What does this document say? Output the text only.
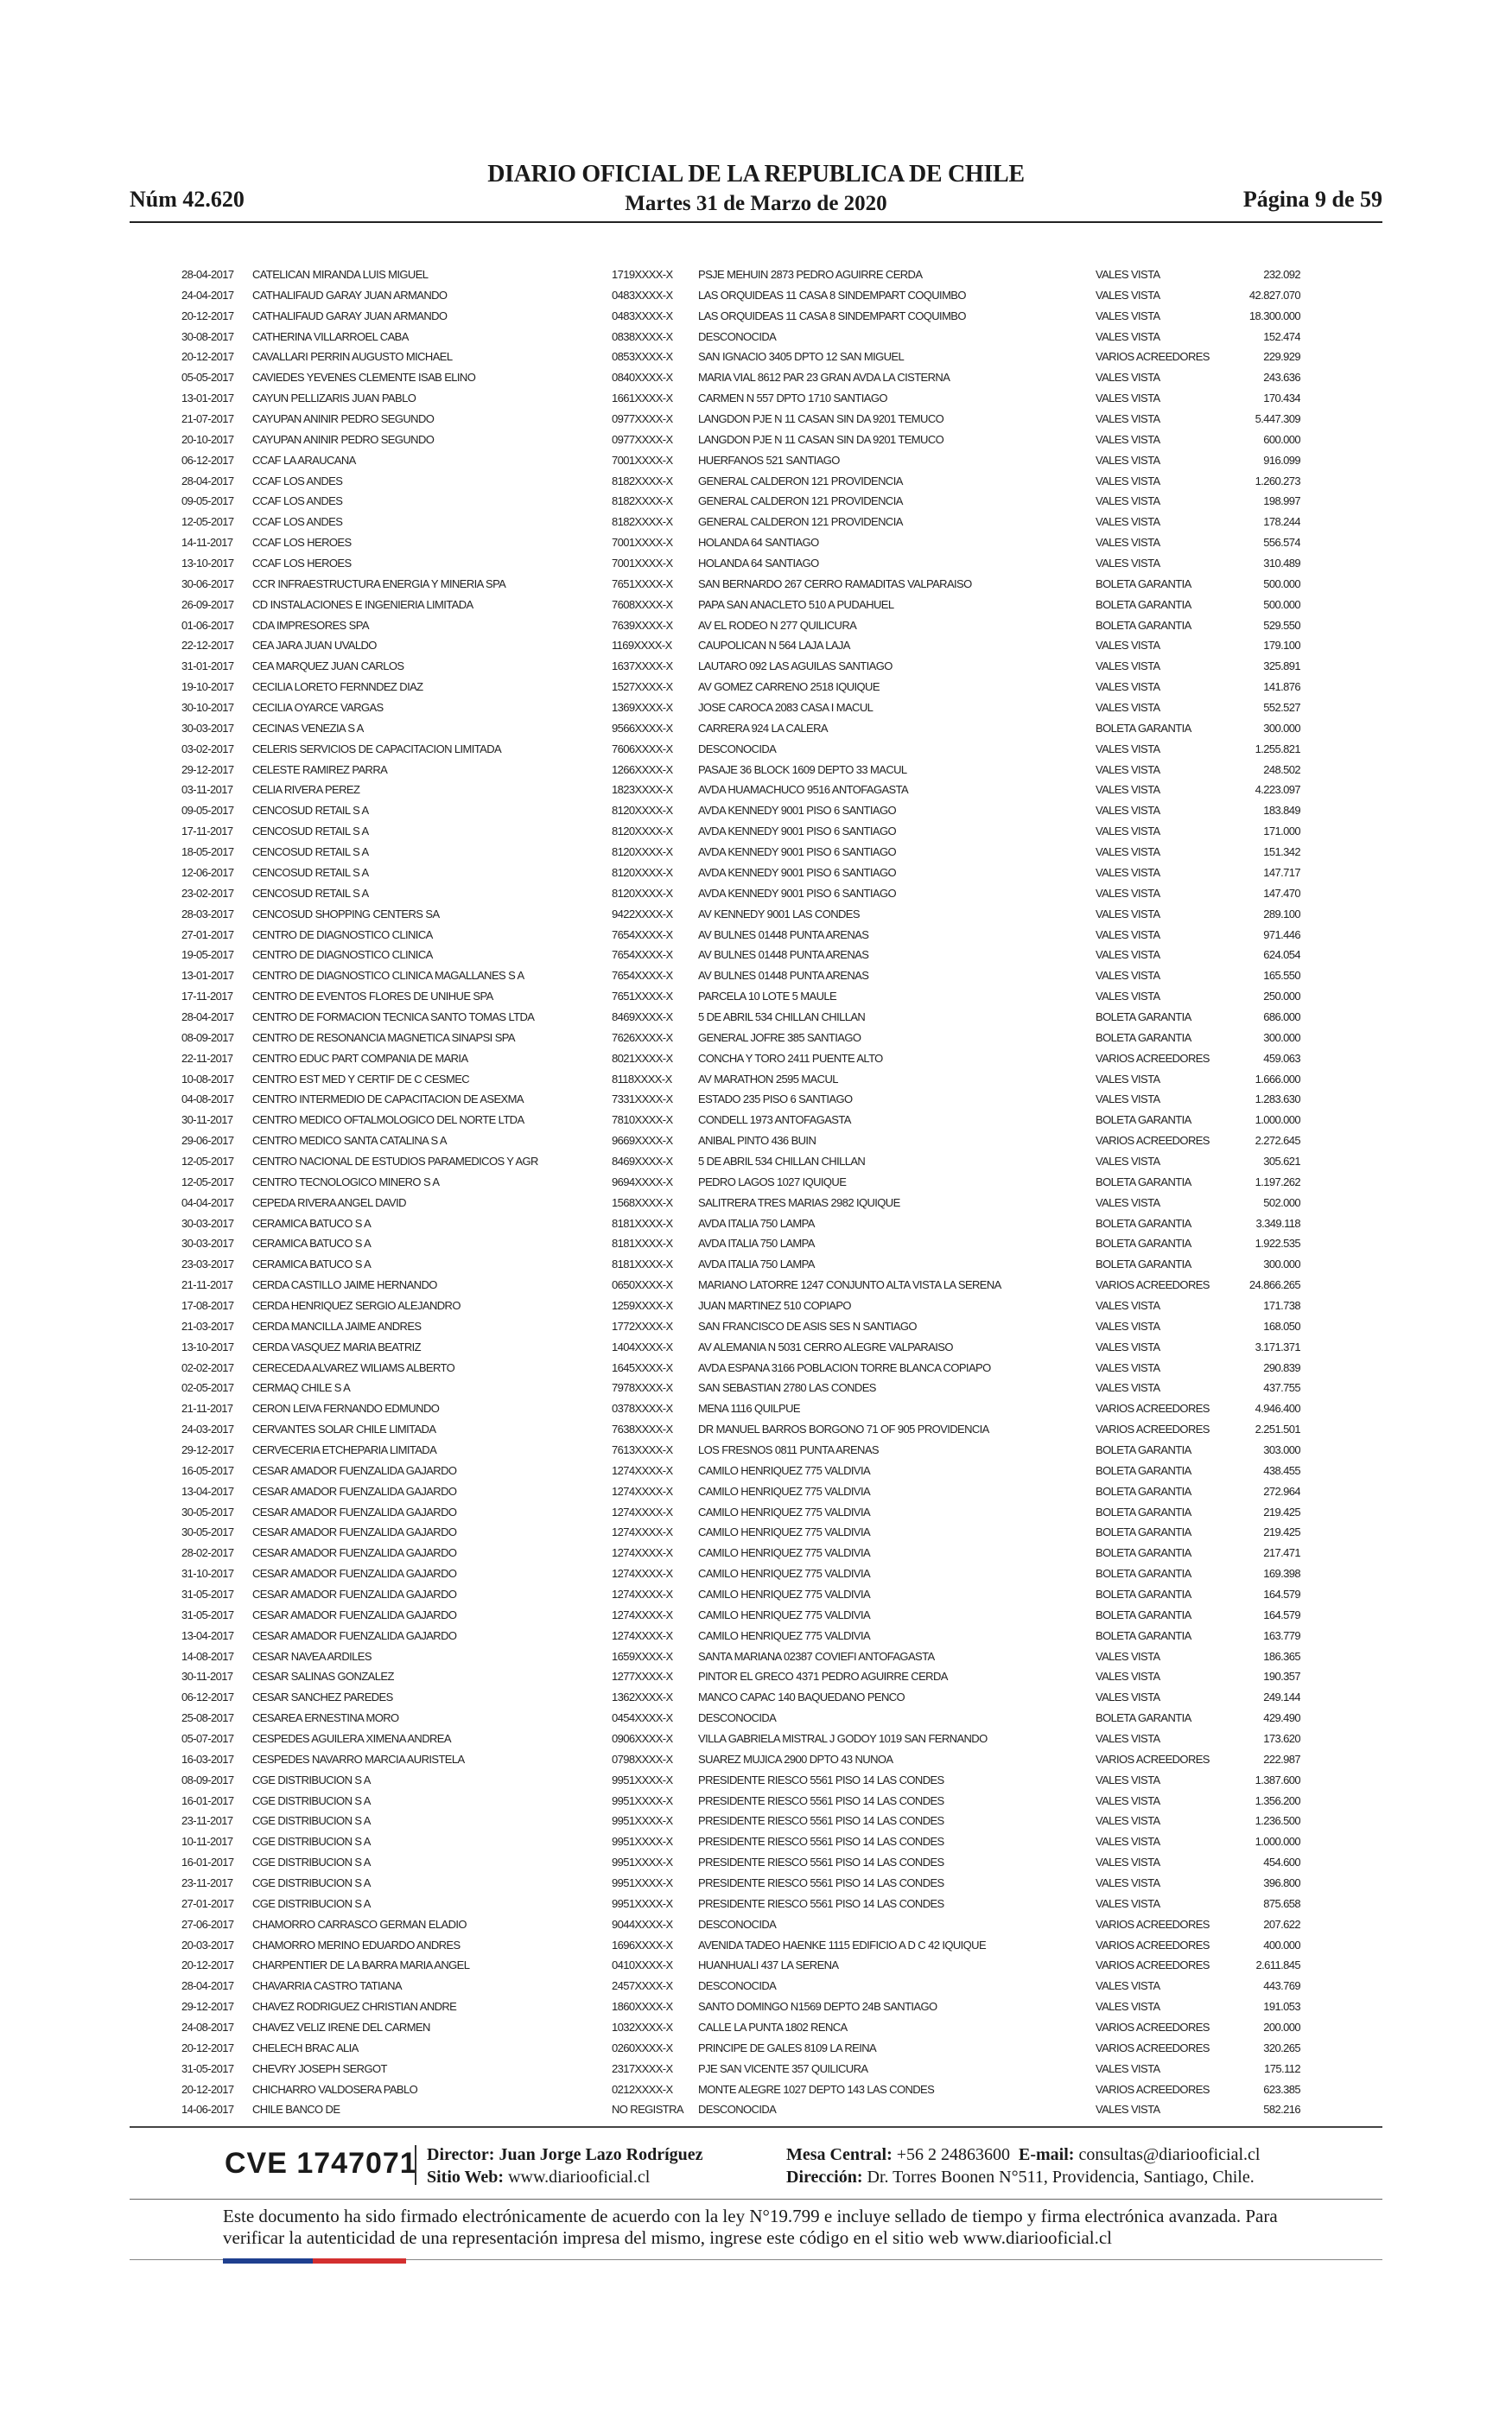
Núm 42.620
DIARIO OFICIAL DE LA REPUBLICA DE CHILE
Martes 31 de Marzo de 2020	Página 9 de 59
28-04-2017	CATELICAN MIRANDA LUIS MIGUEL	1719XXXX-X	PSJE MEHUIN 2873 PEDRO AGUIRRE CERDA	VALES VISTA	232.092
24-04-2017	CATHALIFAUD GARAY JUAN ARMANDO	0483XXXX-X	LAS ORQUIDEAS 11 CASA 8 SINDEMPART COQUIMBO	VALES VISTA	42.827.070
20-12-2017	CATHALIFAUD GARAY JUAN ARMANDO	0483XXXX-X	LAS ORQUIDEAS 11 CASA 8 SINDEMPART COQUIMBO	VALES VISTA	18.300.000
30-08-2017	CATHERINA VILLARROEL CABA	0838XXXX-X	DESCONOCIDA	VALES VISTA	152.474
20-12-2017	CAVALLARI PERRIN AUGUSTO MICHAEL	0853XXXX-X	SAN IGNACIO 3405 DPTO 12 SAN MIGUEL	VARIOS ACREEDORES	229.929
05-05-2017	CAVIEDES YEVENES CLEMENTE ISAB ELINO	0840XXXX-X	MARIA VIAL 8612 PAR 23 GRAN AVDA LA CISTERNA	VALES VISTA	243.636
13-01-2017	CAYUN PELLIZARIS JUAN PABLO	1661XXXX-X	CARMEN N 557 DPTO 1710 SANTIAGO	VALES VISTA	170.434
21-07-2017	CAYUPAN ANINIR PEDRO SEGUNDO	0977XXXX-X	LANGDON PJE N 11 CASAN SIN DA 9201 TEMUCO	VALES VISTA	5.447.309
20-10-2017	CAYUPAN ANINIR PEDRO SEGUNDO	0977XXXX-X	LANGDON PJE N 11 CASAN SIN DA 9201 TEMUCO	VALES VISTA	600.000
06-12-2017	CCAF LA ARAUCANA	7001XXXX-X	HUERFANOS 521 SANTIAGO	VALES VISTA	916.099
28-04-2017	CCAF LOS ANDES	8182XXXX-X	GENERAL CALDERON 121 PROVIDENCIA	VALES VISTA	1.260.273
09-05-2017	CCAF LOS ANDES	8182XXXX-X	GENERAL CALDERON 121 PROVIDENCIA	VALES VISTA	198.997
12-05-2017	CCAF LOS ANDES	8182XXXX-X	GENERAL CALDERON 121 PROVIDENCIA	VALES VISTA	178.244
14-11-2017	CCAF LOS HEROES	7001XXXX-X	HOLANDA 64 SANTIAGO	VALES VISTA	556.574
13-10-2017	CCAF LOS HEROES	7001XXXX-X	HOLANDA 64 SANTIAGO	VALES VISTA	310.489
30-06-2017	CCR INFRAESTRUCTURA ENERGIA Y MINERIA SPA	7651XXXX-X	SAN BERNARDO 267 CERRO RAMADITAS VALPARAISO	BOLETA GARANTIA	500.000
26-09-2017	CD INSTALACIONES E INGENIERIA LIMITADA	7608XXXX-X	PAPA SAN ANACLETO 510 A PUDAHUEL	BOLETA GARANTIA	500.000
01-06-2017	CDA IMPRESORES SPA	7639XXXX-X	AV EL RODEO N 277 QUILICURA	BOLETA GARANTIA	529.550
22-12-2017	CEA JARA JUAN UVALDO	1169XXXX-X	CAUPOLICAN N 564 LAJA LAJA	VALES VISTA	179.100
31-01-2017	CEA MARQUEZ JUAN CARLOS	1637XXXX-X	LAUTARO 092 LAS AGUILAS SANTIAGO	VALES VISTA	325.891
19-10-2017	CECILIA LORETO FERNNDEZ DIAZ	1527XXXX-X	AV GOMEZ CARRENO 2518 IQUIQUE	VALES VISTA	141.876
30-10-2017	CECILIA OYARCE VARGAS	1369XXXX-X	JOSE CAROCA 2083 CASA I MACUL	VALES VISTA	552.527
30-03-2017	CECINAS VENEZIA S A	9566XXXX-X	CARRERA 924 LA CALERA	BOLETA GARANTIA	300.000
03-02-2017	CELERIS SERVICIOS DE CAPACITACION LIMITADA	7606XXXX-X	DESCONOCIDA	VALES VISTA	1.255.821
29-12-2017	CELESTE RAMIREZ PARRA	1266XXXX-X	PASAJE 36 BLOCK 1609 DEPTO 33 MACUL	VALES VISTA	248.502
03-11-2017	CELIA RIVERA PEREZ	1823XXXX-X	AVDA HUAMACHUCO 9516 ANTOFAGASTA	VALES VISTA	4.223.097
09-05-2017	CENCOSUD RETAIL S A	8120XXXX-X	AVDA KENNEDY 9001 PISO 6 SANTIAGO	VALES VISTA	183.849
17-11-2017	CENCOSUD RETAIL S A	8120XXXX-X	AVDA KENNEDY 9001 PISO 6 SANTIAGO	VALES VISTA	171.000
18-05-2017	CENCOSUD RETAIL S A	8120XXXX-X	AVDA KENNEDY 9001 PISO 6 SANTIAGO	VALES VISTA	151.342
12-06-2017	CENCOSUD RETAIL S A	8120XXXX-X	AVDA KENNEDY 9001 PISO 6 SANTIAGO	VALES VISTA	147.717
23-02-2017	CENCOSUD RETAIL S A	8120XXXX-X	AVDA KENNEDY 9001 PISO 6 SANTIAGO	VALES VISTA	147.470
28-03-2017	CENCOSUD SHOPPING CENTERS SA	9422XXXX-X	AV KENNEDY 9001 LAS CONDES	VALES VISTA	289.100
27-01-2017	CENTRO DE DIAGNOSTICO CLINICA	7654XXXX-X	AV BULNES 01448 PUNTA ARENAS	VALES VISTA	971.446
19-05-2017	CENTRO DE DIAGNOSTICO CLINICA	7654XXXX-X	AV BULNES 01448 PUNTA ARENAS	VALES VISTA	624.054
13-01-2017	CENTRO DE DIAGNOSTICO CLINICA MAGALLANES S A	7654XXXX-X	AV BULNES 01448 PUNTA ARENAS	VALES VISTA	165.550
17-11-2017	CENTRO DE EVENTOS FLORES DE UNIHUE SPA	7651XXXX-X	PARCELA 10 LOTE 5 MAULE	VALES VISTA	250.000
28-04-2017	CENTRO DE FORMACION TECNICA SANTO TOMAS LTDA	8469XXXX-X	5 DE ABRIL 534 CHILLAN CHILLAN	BOLETA GARANTIA	686.000
08-09-2017	CENTRO DE RESONANCIA MAGNETICA SINAPSI SPA	7626XXXX-X	GENERAL JOFRE 385 SANTIAGO	BOLETA GARANTIA	300.000
22-11-2017	CENTRO EDUC PART COMPANIA DE MARIA	8021XXXX-X	CONCHA Y TORO 2411 PUENTE ALTO	VARIOS ACREEDORES	459.063
10-08-2017	CENTRO EST MED Y CERTIF DE C CESMEC	8118XXXX-X	AV MARATHON 2595 MACUL	VALES VISTA	1.666.000
04-08-2017	CENTRO INTERMEDIO DE CAPACITACION DE ASEXMA	7331XXXX-X	ESTADO 235 PISO 6 SANTIAGO	VALES VISTA	1.283.630
30-11-2017	CENTRO MEDICO OFTALMOLOGICO DEL NORTE LTDA	7810XXXX-X	CONDELL 1973 ANTOFAGASTA	BOLETA GARANTIA	1.000.000
29-06-2017	CENTRO MEDICO SANTA CATALINA S A	9669XXXX-X	ANIBAL PINTO 436 BUIN	VARIOS ACREEDORES	2.272.645
12-05-2017	CENTRO NACIONAL DE ESTUDIOS PARAMEDICOS Y AGR	8469XXXX-X	5 DE ABRIL 534 CHILLAN CHILLAN	VALES VISTA	305.621
12-05-2017	CENTRO TECNOLOGICO MINERO S A	9694XXXX-X	PEDRO LAGOS 1027 IQUIQUE	BOLETA GARANTIA	1.197.262
04-04-2017	CEPEDA RIVERA ANGEL DAVID	1568XXXX-X	SALITRERA TRES MARIAS 2982 IQUIQUE	VALES VISTA	502.000
30-03-2017	CERAMICA BATUCO S A	8181XXXX-X	AVDA ITALIA 750 LAMPA	BOLETA GARANTIA	3.349.118
30-03-2017	CERAMICA BATUCO S A	8181XXXX-X	AVDA ITALIA 750 LAMPA	BOLETA GARANTIA	1.922.535
23-03-2017	CERAMICA BATUCO S A	8181XXXX-X	AVDA ITALIA 750 LAMPA	BOLETA GARANTIA	300.000
21-11-2017	CERDA CASTILLO JAIME HERNANDO	0650XXXX-X	MARIANO LATORRE 1247 CONJUNTO ALTA VISTA LA SERENA	VARIOS ACREEDORES	24.866.265
17-08-2017	CERDA HENRIQUEZ SERGIO ALEJANDRO	1259XXXX-X	JUAN MARTINEZ 510 COPIAPO	VALES VISTA	171.738
21-03-2017	CERDA MANCILLA JAIME ANDRES	1772XXXX-X	SAN FRANCISCO DE ASIS SES N SANTIAGO	VALES VISTA	168.050
13-10-2017	CERDA VASQUEZ MARIA BEATRIZ	1404XXXX-X	AV ALEMANIA N 5031 CERRO ALEGRE VALPARAISO	VALES VISTA	3.171.371
02-02-2017	CERECEDA ALVAREZ WILIAMS ALBERTO	1645XXXX-X	AVDA ESPANA 3166 POBLACION TORRE BLANCA COPIAPO	VALES VISTA	290.839
02-05-2017	CERMAQ CHILE S A	7978XXXX-X	SAN SEBASTIAN 2780 LAS CONDES	VALES VISTA	437.755
21-11-2017	CERON LEIVA FERNANDO EDMUNDO	0378XXXX-X	MENA 1116 QUILPUE	VARIOS ACREEDORES	4.946.400
24-03-2017	CERVANTES SOLAR CHILE LIMITADA	7638XXXX-X	DR MANUEL BARROS BORGONO 71 OF 905 PROVIDENCIA	VARIOS ACREEDORES	2.251.501
29-12-2017	CERVECERIA ETCHEPARIA LIMITADA	7613XXXX-X	LOS FRESNOS 0811 PUNTA ARENAS	BOLETA GARANTIA	303.000
16-05-2017	CESAR AMADOR FUENZALIDA GAJARDO	1274XXXX-X	CAMILO HENRIQUEZ 775 VALDIVIA	BOLETA GARANTIA	438.455
13-04-2017	CESAR AMADOR FUENZALIDA GAJARDO	1274XXXX-X	CAMILO HENRIQUEZ 775 VALDIVIA	BOLETA GARANTIA	272.964
30-05-2017	CESAR AMADOR FUENZALIDA GAJARDO	1274XXXX-X	CAMILO HENRIQUEZ 775 VALDIVIA	BOLETA GARANTIA	219.425
30-05-2017	CESAR AMADOR FUENZALIDA GAJARDO	1274XXXX-X	CAMILO HENRIQUEZ 775 VALDIVIA	BOLETA GARANTIA	219.425
28-02-2017	CESAR AMADOR FUENZALIDA GAJARDO	1274XXXX-X	CAMILO HENRIQUEZ 775 VALDIVIA	BOLETA GARANTIA	217.471
31-10-2017	CESAR AMADOR FUENZALIDA GAJARDO	1274XXXX-X	CAMILO HENRIQUEZ 775 VALDIVIA	BOLETA GARANTIA	169.398
31-05-2017	CESAR AMADOR FUENZALIDA GAJARDO	1274XXXX-X	CAMILO HENRIQUEZ 775 VALDIVIA	BOLETA GARANTIA	164.579
31-05-2017	CESAR AMADOR FUENZALIDA GAJARDO	1274XXXX-X	CAMILO HENRIQUEZ 775 VALDIVIA	BOLETA GARANTIA	164.579
13-04-2017	CESAR AMADOR FUENZALIDA GAJARDO	1274XXXX-X	CAMILO HENRIQUEZ 775 VALDIVIA	BOLETA GARANTIA	163.779
14-08-2017	CESAR NAVEA ARDILES	1659XXXX-X	SANTA MARIANA 02387 COVIEFI ANTOFAGASTA	VALES VISTA	186.365
30-11-2017	CESAR SALINAS GONZALEZ	1277XXXX-X	PINTOR EL GRECO 4371 PEDRO AGUIRRE CERDA	VALES VISTA	190.357
06-12-2017	CESAR SANCHEZ PAREDES	1362XXXX-X	MANCO CAPAC 140 BAQUEDANO PENCO	VALES VISTA	249.144
25-08-2017	CESAREA ERNESTINA MORO	0454XXXX-X	DESCONOCIDA	BOLETA GARANTIA	429.490
05-07-2017	CESPEDES AGUILERA XIMENA ANDREA	0906XXXX-X	VILLA GABRIELA MISTRAL J GODOY 1019 SAN FERNANDO	VALES VISTA	173.620
16-03-2017	CESPEDES NAVARRO MARCIA AURISTELA	0798XXXX-X	SUAREZ MUJICA 2900 DPTO 43 NUNOA	VARIOS ACREEDORES	222.987
08-09-2017	CGE DISTRIBUCION S A	9951XXXX-X	PRESIDENTE RIESCO 5561 PISO 14 LAS CONDES	VALES VISTA	1.387.600
16-01-2017	CGE DISTRIBUCION S A	9951XXXX-X	PRESIDENTE RIESCO 5561 PISO 14 LAS CONDES	VALES VISTA	1.356.200
23-11-2017	CGE DISTRIBUCION S A	9951XXXX-X	PRESIDENTE RIESCO 5561 PISO 14 LAS CONDES	VALES VISTA	1.236.500
10-11-2017	CGE DISTRIBUCION S A	9951XXXX-X	PRESIDENTE RIESCO 5561 PISO 14 LAS CONDES	VALES VISTA	1.000.000
16-01-2017	CGE DISTRIBUCION S A	9951XXXX-X	PRESIDENTE RIESCO 5561 PISO 14 LAS CONDES	VALES VISTA	454.600
23-11-2017	CGE DISTRIBUCION S A	9951XXXX-X	PRESIDENTE RIESCO 5561 PISO 14 LAS CONDES	VALES VISTA	396.800
27-01-2017	CGE DISTRIBUCION S A	9951XXXX-X	PRESIDENTE RIESCO 5561 PISO 14 LAS CONDES	VALES VISTA	875.658
27-06-2017	CHAMORRO CARRASCO GERMAN ELADIO	9044XXXX-X	DESCONOCIDA	VARIOS ACREEDORES	207.622
20-03-2017	CHAMORRO MERINO EDUARDO ANDRES	1696XXXX-X	AVENIDA TADEO HAENKE 1115 EDIFICIO A D C 42 IQUIQUE	VARIOS ACREEDORES	400.000
20-12-2017	CHARPENTIER DE LA BARRA MARIA ANGEL	0410XXXX-X	HUANHUALI 437 LA SERENA	VARIOS ACREEDORES	2.611.845
28-04-2017	CHAVARRIA CASTRO TATIANA	2457XXXX-X	DESCONOCIDA	VALES VISTA	443.769
29-12-2017	CHAVEZ RODRIGUEZ CHRISTIAN ANDRE	1860XXXX-X	SANTO DOMINGO N1569 DEPTO 24B SANTIAGO	VALES VISTA	191.053
24-08-2017	CHAVEZ VELIZ IRENE DEL CARMEN	1032XXXX-X	CALLE LA PUNTA 1802 RENCA	VARIOS ACREEDORES	200.000
20-12-2017	CHELECH BRAC ALIA	0260XXXX-X	PRINCIPE DE GALES 8109 LA REINA	VARIOS ACREEDORES	320.265
31-05-2017	CHEVRY JOSEPH SERGOT	2317XXXX-X	PJE SAN VICENTE 357 QUILICURA	VALES VISTA	175.112
20-12-2017	CHICHARRO VALDOSERA PABLO	0212XXXX-X	MONTE ALEGRE 1027 DEPTO 143 LAS CONDES	VARIOS ACREEDORES	623.385
14-06-2017	CHILE BANCO DE	NO REGISTRA	DESCONOCIDA	VALES VISTA	582.216
CVE 1747071 Director: Juan Jorge Lazo Rodríguez
Sitio Web: www.diariooficial.cl
Mesa Central: +56 2 24863600 E-mail: consultas@diariooficial.cl
Dirección: Dr. Torres Boonen N°511, Providencia, Santiago, Chile.
Este documento ha sido firmado electrónicamente de acuerdo con la ley N°19.799 e incluye sellado de tiempo y firma electrónica avanzada. Para verificar la autenticidad de una representación impresa del mismo, ingrese este código en el sitio web www.diariooficial.cl
